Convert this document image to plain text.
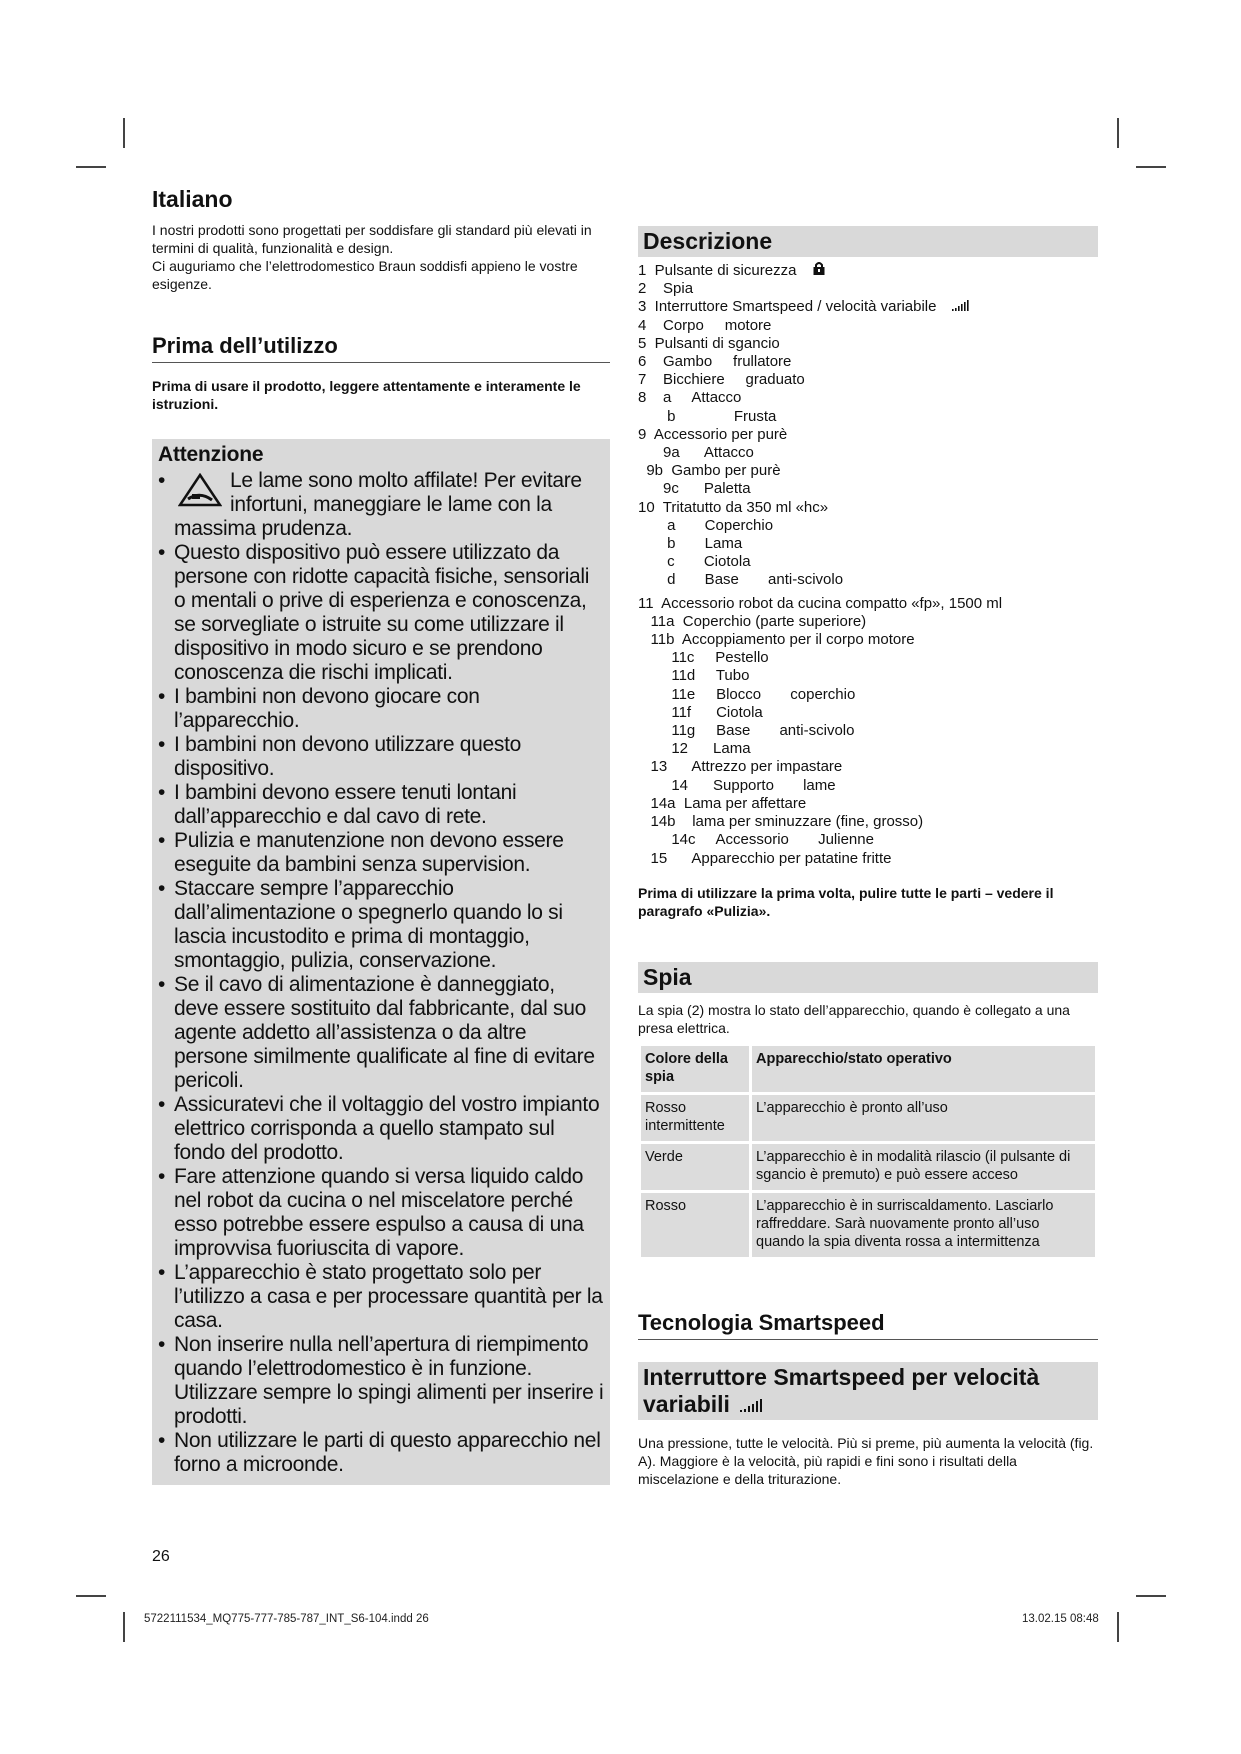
Italiano

I nostri prodotti sono progettati per soddisfare gli standard più elevati in termini di qualità, funzionalità e design.

Ci auguriamo che l’elettrodomestico Braun soddisfi appieno le vostre esigenze.

Prima dell’utilizzo

Prima di usare il prodotto, leggere attentamente e interamente le istruzioni.

Attenzione
• Le lame sono molto affilate! Per evitare infortuni, maneggiare le lame con la massima prudenza.
• Questo dispositivo può essere utilizzato da persone con ridotte capacità fisiche, sensoriali o mentali o prive di esperienza e conoscenza, se sorvegliate o istruite su come utilizzare il dispositivo in modo sicuro e se prendono conoscenza die rischi implicati.
• I bambini non devono giocare con l’apparecchio.
• I bambini non devono utilizzare questo dispositivo.
• I bambini devono essere tenuti lontani dall’apparecchio e dal cavo di rete.
• Pulizia e manutenzione non devono essere eseguite da bambini senza supervision.
• Staccare sempre l’apparecchio dall’alimentazione o spegnerlo quando lo si lascia incustodito e prima di montaggio, smontaggio, pulizia, conservazione.
• Se il cavo di alimentazione è danneggiato, deve essere sostituito dal fabbricante, dal suo agente addetto all’assistenza o da altre persone similmente qualificate al fine di evitare pericoli.
• Assicuratevi che il voltaggio del vostro impianto elettrico corrisponda a quello stampato sul fondo del prodotto.
• Fare attenzione quando si versa liquido caldo nel robot da cucina o nel miscelatore perché esso potrebbe essere espulso a causa di una improvvisa fuoriuscita di vapore.
• L’apparecchio è stato progettato solo per l’utilizzo a casa e per processare quantità per la casa.
• Non inserire nulla nell’apertura di riempimento quando l’elettrodomestico è in funzione. Utilizzare sempre lo spingi alimenti per inserire i prodotti.
• Non utilizzare le parti di questo apparecchio nel forno a microonde.
Descrizione
1  Pulsante di sicurezza
2    Spia
3  Interruttore Smartspeed / velocità variabile
4    Corpo     motore
5  Pulsanti di sgancio
6    Gambo     frullatore
7    Bicchiere     graduato
8    a     Attacco
b              Frusta
9  Accessorio per purè
9a      Attacco
9b  Gambo per purè
9c      Paletta
10  Tritatutto da 350 ml «hc»
a       Coperchio
b       Lama
c       Ciotola
d       Base       anti-scivolo
11  Accessorio robot da cucina compatto «fp», 1500 ml
11a  Coperchio (parte superiore)
11b  Accoppiamento per il corpo motore
11c     Pestello
11d     Tubo
11e     Blocco       coperchio
11f      Ciotola
11g     Base       anti-scivolo
12      Lama
13      Attrezzo per impastare
14      Supporto       lame
14a  Lama per affettare
14b    lama per sminuzzare (fine, grosso)
14c     Accessorio       Julienne
15      Apparecchio per patatine fritte

Prima di utilizzare la prima volta, pulire tutte le parti – vedere il paragrafo «Pulizia».

Spia

La spia (2) mostra lo stato dell’apparecchio, quando è collegato a una presa elettrica.

Colore della spia	Apparecchio/stato operativo
Rosso intermittente	L’apparecchio è pronto all’uso
Verde	L’apparecchio è in modalità rilascio (il pulsante di sgancio è premuto) e può essere acceso
Rosso	L’apparecchio è in surriscaldamento. Lasciarlo raffreddare. Sarà nuovamente pronto all’uso quando la spia diventa rossa a intermittenza
Tecnologia Smartspeed
Interruttore Smartspeed per velocità variabili

Una pressione, tutte le velocità. Più si preme, più aumenta la velocità (fig. A). Maggiore è la velocità, più rapidi e fini sono i risultati della miscelazione e della triturazione.

26
5722111534_MQ775-777-785-787_INT_S6-104.indd 26	13.02.15 08:48
